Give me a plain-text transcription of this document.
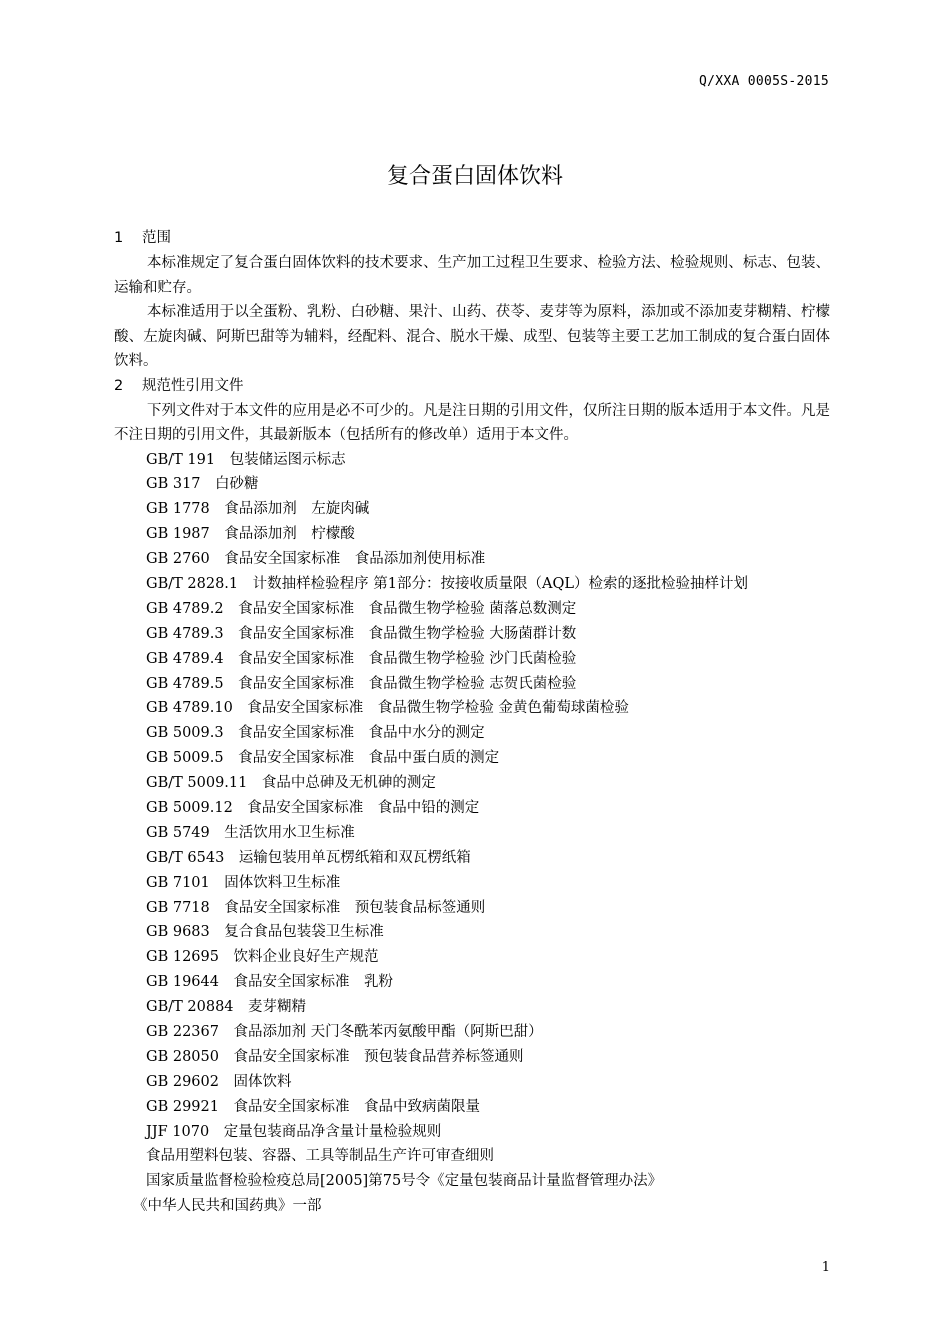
Q/XXA 0005S-2015
复合蛋白固体饮料
1 范围

本标准规定了复合蛋白固体饮料的技术要求、生产加工过程卫生要求、检验方法、检验规则、标志、包装、运输和贮存。

本标准适用于以全蛋粉、乳粉、白砂糖、果汁、山药、茯苓、麦芽等为原料，添加或不添加麦芽糊精、柠檬酸、左旋肉碱、阿斯巴甜等为辅料，经配料、混合、脱水干燥、成型、包装等主要工艺加工制成的复合蛋白固体饮料。

2 规范性引用文件

下列文件对于本文件的应用是必不可少的。凡是注日期的引用文件，仅所注日期的版本适用于本文件。凡是不注日期的引用文件，其最新版本（包括所有的修改单）适用于本文件。

GB/T 191　包装储运图示标志
GB 317　白砂糖
GB 1778　食品添加剂　左旋肉碱
GB 1987　食品添加剂　柠檬酸
GB 2760　食品安全国家标准　食品添加剂使用标准
GB/T 2828.1　计数抽样检验程序 第1部分：按接收质量限（AQL）检索的逐批检验抽样计划
GB 4789.2　食品安全国家标准　食品微生物学检验 菌落总数测定
GB 4789.3　食品安全国家标准　食品微生物学检验 大肠菌群计数
GB 4789.4　食品安全国家标准　食品微生物学检验 沙门氏菌检验
GB 4789.5　食品安全国家标准　食品微生物学检验 志贺氏菌检验
GB 4789.10　食品安全国家标准　食品微生物学检验 金黄色葡萄球菌检验
GB 5009.3　食品安全国家标准　食品中水分的测定
GB 5009.5　食品安全国家标准　食品中蛋白质的测定
GB/T 5009.11　食品中总砷及无机砷的测定
GB 5009.12　食品安全国家标准　食品中铅的测定
GB 5749　生活饮用水卫生标准
GB/T 6543　运输包装用单瓦楞纸箱和双瓦楞纸箱
GB 7101　固体饮料卫生标准
GB 7718　食品安全国家标准　预包装食品标签通则
GB 9683　复合食品包装袋卫生标准
GB 12695　饮料企业良好生产规范
GB 19644　食品安全国家标准　乳粉
GB/T 20884　麦芽糊精
GB 22367　食品添加剂 天门冬酰苯丙氨酸甲酯（阿斯巴甜）
GB 28050　食品安全国家标准　预包装食品营养标签通则
GB 29602　固体饮料
GB 29921　食品安全国家标准　食品中致病菌限量
JJF 1070　定量包装商品净含量计量检验规则
食品用塑料包装、容器、工具等制品生产许可审查细则
国家质量监督检验检疫总局[2005]第75号令《定量包装商品计量监督管理办法》
《中华人民共和国药典》一部
1
